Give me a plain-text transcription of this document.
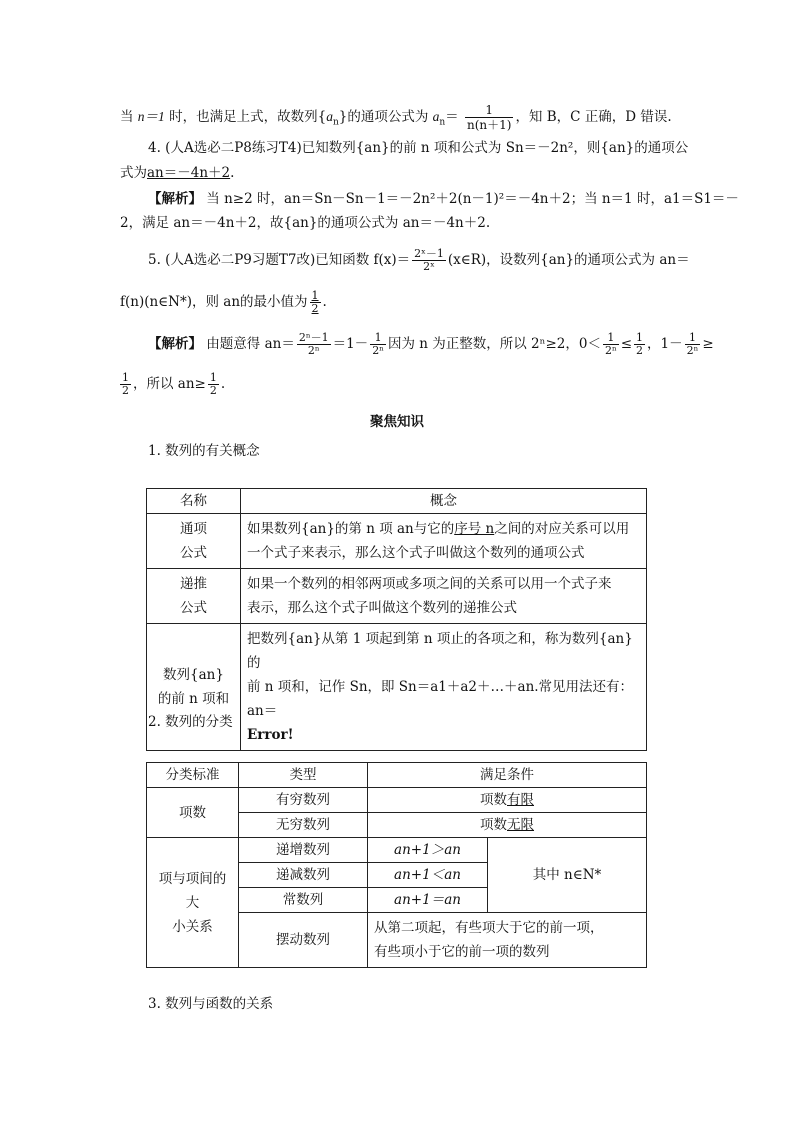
当 n＝1 时，也满足上式，故数列$\{a_n\}$的通项公式为 $a_n= \frac{1}{n(n+1)}$ ，知 B，C 正确，D 错误.
4. (人A选必二P8练习T4)已知数列{an}的前 n 项和公式为 Sn＝－2n²，则{an}的通项公
式为an＝－4n＋2.
【解析】 当 n≥2 时，an＝Sn－Sn－1＝－2n²＋2(n－1)²＝－4n＋2；当 n＝1 时，a1＝S1＝－
2，满足 an＝－4n＋2，故{an}的通项公式为 an＝－4n＋2.
5. (人A选必二P9习题T7改)已知函数 $f(x)= \frac{\text{2ˣ－1}}{\text{2ˣ}}$ (x∈R)，设数列{an}的通项公式为 an＝
f(n)(n∈N*)，则 an的最小值为 $\frac{1}{2}$ .
【解析】 由题意得 $an= \frac{\text{2ⁿ－1}}{\text{2ⁿ}} =1- \frac{1}{\text{2ⁿ}}$ 因为 n 为正整数，所以 2ⁿ≥2，$0< \frac{1}{\text{2ⁿ}} \le \frac{1}{2}$ ，$1- \frac{1}{\text{2ⁿ}}$ ≥
$\frac{1}{2}$ ，所以 $an\ge \frac{1}{2}$ .
聚焦知识
1. 数列的有关概念
名称	概念
通项
公式	如果数列{an}的第 n 项 an与它的序号 n之间的对应关系可以用
一个式子来表示，那么这个式子叫做这个数列的通项公式
递推
公式	如果一个数列的相邻两项或多项之间的关系可以用一个式子来
表示，那么这个式子叫做这个数列的递推公式
数列{an}
的前 n 项和	把数列{an}从第 1 项起到第 n 项止的各项之和，称为数列{an}的
前 n 项和，记作 Sn，即 Sn＝a1＋a2＋…＋an.常见用法还有：an＝
Error!
2. 数列的分类
分类标准	类型	满足条件	
项数	有穷数列	项数有限	
	无穷数列	项数无限	
项与项间的大
小关系	递增数列	an+1＞an	其中 n∈N*
	递减数列	an+1＜an	
	常数列	an+1＝an	
	摆动数列	从第二项起，有些项大于它的前一项，
有些项小于它的前一项的数列	
3. 数列与函数的关系
